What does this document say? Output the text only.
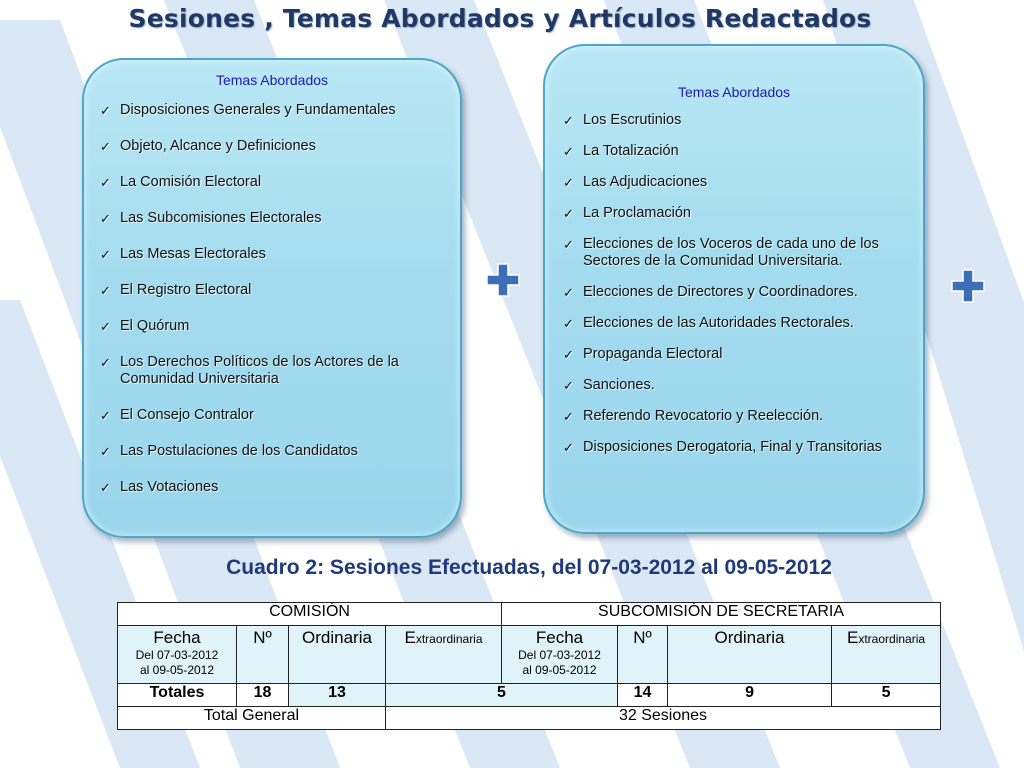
Sesiones , Temas Abordados y Artículos Redactados
Temas Abordados
✓ Disposiciones Generales y Fundamentales
✓ Objeto, Alcance y Definiciones
✓ La Comisión Electoral
✓ Las Subcomisiones Electorales
✓ Las Mesas Electorales
✓ El Registro Electoral
✓ El Quórum
✓ Los Derechos Políticos de los Actores de la Comunidad Universitaria
✓ El Consejo Contralor
✓ Las Postulaciones de los Candidatos
✓ Las Votaciones
Temas Abordados
✓ Los Escrutinios
✓ La Totalización
✓ Las Adjudicaciones
✓ La Proclamación
✓ Elecciones de los Voceros de cada uno de los Sectores de la Comunidad Universitaria.
✓ Elecciones de Directores y Coordinadores.
✓ Elecciones de las Autoridades Rectorales.
✓ Propaganda Electoral
✓ Sanciones.
✓ Referendo Revocatorio y Reelección.
✓ Disposiciones Derogatoria, Final y Transitorias
Cuadro 2: Sesiones Efectuadas, del 07-03-2012 al 09-05-2012
COMISIÓN				SUBCOMISIÓN DE SECRETARIA			

Fecha
Del 07-03-2012
al 09-05-2012	Nº	Ordinaria	Extraordinaria	Fecha
Del 07-03-2012
al 09-05-2012	Nº	Ordinaria	Extraordinaria

Totales	18	13	5		14	9	5
Total General			32 Sesiones				
